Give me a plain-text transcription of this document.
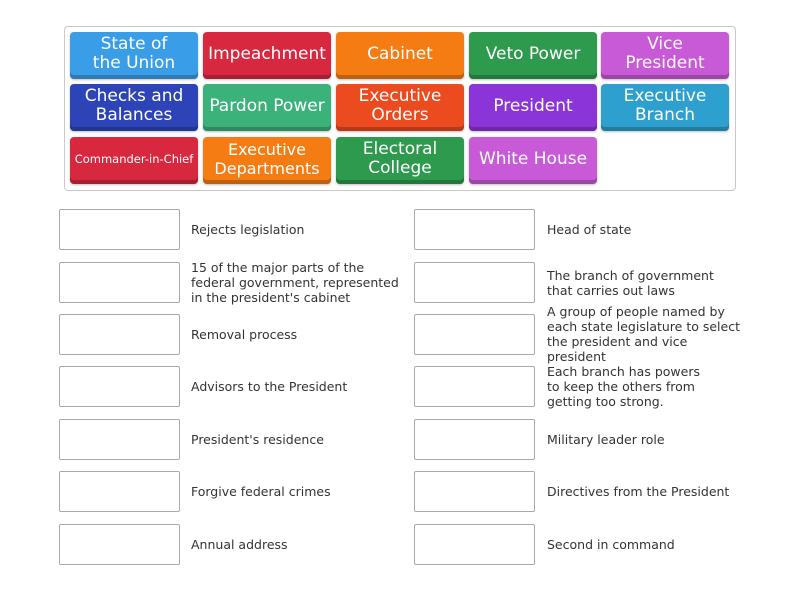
State of the Union	Impeachment Cabinet	Veto Power	Vice President
Checks and Balances	Pardon Power	Executive Orders	President	Executive Branch
Commander-in-Chief	Executive Departments
Electoral College	White House
Rejects legislation
15 of the major parts of the federal government, represented in the president's cabinet
Removal process
Advisors to the President
President's residence
Forgive federal crimes
Annual address
Head of state
The branch of government that carries out laws
A group of people named by each state legislature to select the president and vice president
Each branch has powers to keep the others from getting too strong.
Military leader role
Directives from the President
Second in command
